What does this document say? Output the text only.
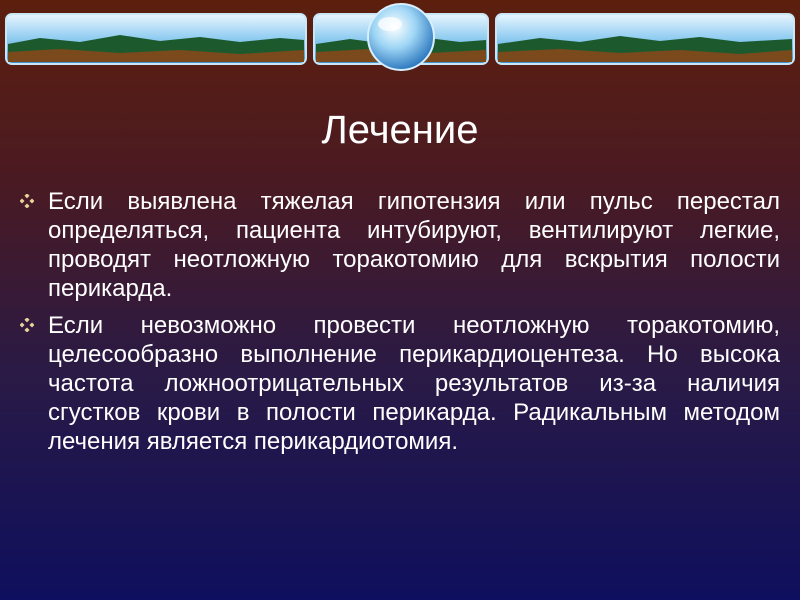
Лечение
Если выявлена тяжелая гипотензия или пульс перестал определяться, пациента интубируют, вентилируют легкие, проводят неотложную торакотомию для вскрытия полости перикарда.
Если невозможно провести неотложную торакотомию, целесообразно выполнение перикардиоцентеза. Но высока частота ложноотрицательных результатов из-за наличия сгустков крови в полости перикарда. Радикальным методом лечения является перикардиотомия.
